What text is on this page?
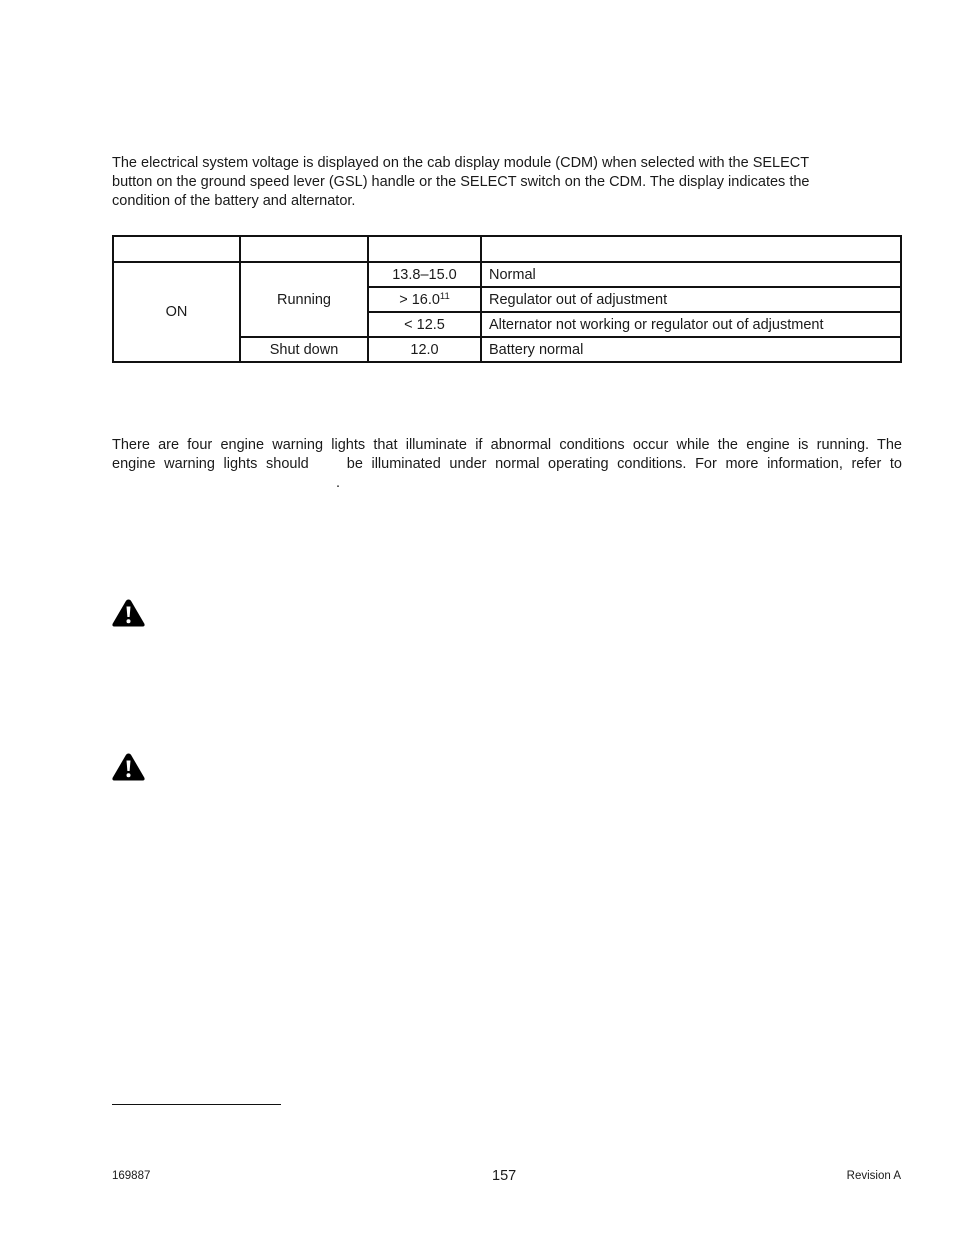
The electrical system voltage is displayed on the cab display module (CDM) when selected with the SELECT
button on the ground speed lever (GSL) handle or the SELECT switch on the CDM. The display indicates the
condition of the battery and alternator.

ON	Running	13.8–15.0	Normal
		> $16.0^{11}$	Regulator out of adjustment
		< 12.5	Alternator not working or regulator out of adjustment
	Shut down	12.0	Battery normal
There are four engine warning lights that illuminate if abnormal conditions occur while the engine is running. The
engine warning lights should	be illuminated under normal operating conditions. For more information, refer to
.
169887	157	Revision A
